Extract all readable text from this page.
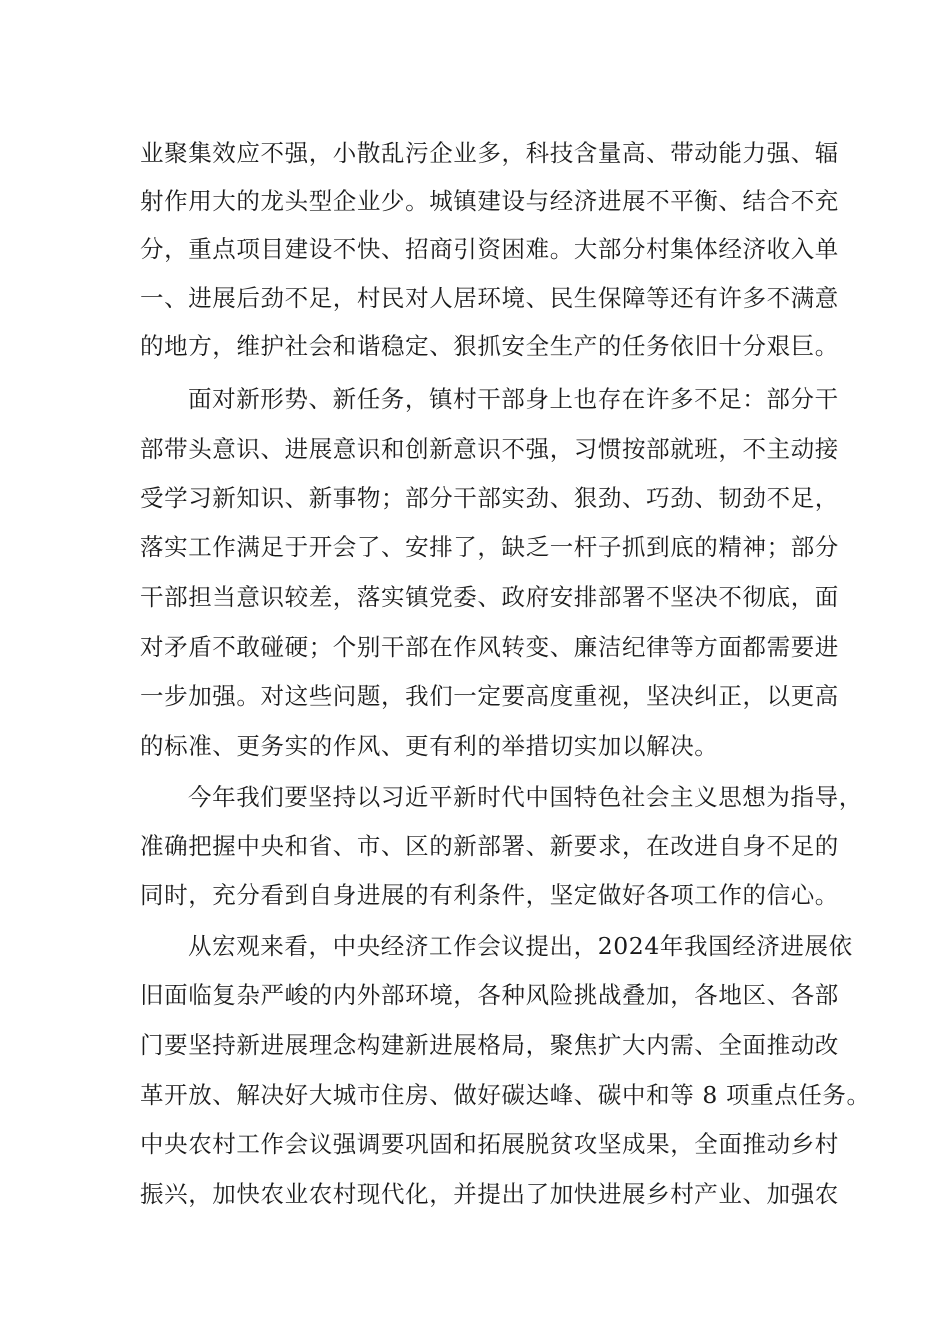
业聚集效应不强，小散乱污企业多，科技含量高、带动能力强、辐
射作用大的龙头型企业少。城镇建设与经济进展不平衡、结合不充
分，重点项目建设不快、招商引资困难。大部分村集体经济收入单
一、进展后劲不足，村民对人居环境、民生保障等还有许多不满意
的地方，维护社会和谐稳定、狠抓安全生产的任务依旧十分艰巨。
面对新形势、新任务，镇村干部身上也存在许多不足：部分干
部带头意识、进展意识和创新意识不强，习惯按部就班，不主动接
受学习新知识、新事物；部分干部实劲、狠劲、巧劲、韧劲不足，
落实工作满足于开会了、安排了，缺乏一杆子抓到底的精神；部分
干部担当意识较差，落实镇党委、政府安排部署不坚决不彻底，面
对矛盾不敢碰硬；个别干部在作风转变、廉洁纪律等方面都需要进
一步加强。对这些问题，我们一定要高度重视，坚决纠正，以更高
的标准、更务实的作风、更有利的举措切实加以解决。
今年我们要坚持以习近平新时代中国特色社会主义思想为指导，
准确把握中央和省、市、区的新部署、新要求，在改进自身不足的
同时，充分看到自身进展的有利条件，坚定做好各项工作的信心。
从宏观来看，中央经济工作会议提出，2024年我国经济进展依
旧面临复杂严峻的内外部环境，各种风险挑战叠加，各地区、各部
门要坚持新进展理念构建新进展格局，聚焦扩大内需、全面推动改
革开放、解决好大城市住房、做好碳达峰、碳中和等 8 项重点任务。
中央农村工作会议强调要巩固和拓展脱贫攻坚成果，全面推动乡村
振兴，加快农业农村现代化，并提出了加快进展乡村产业、加强农
